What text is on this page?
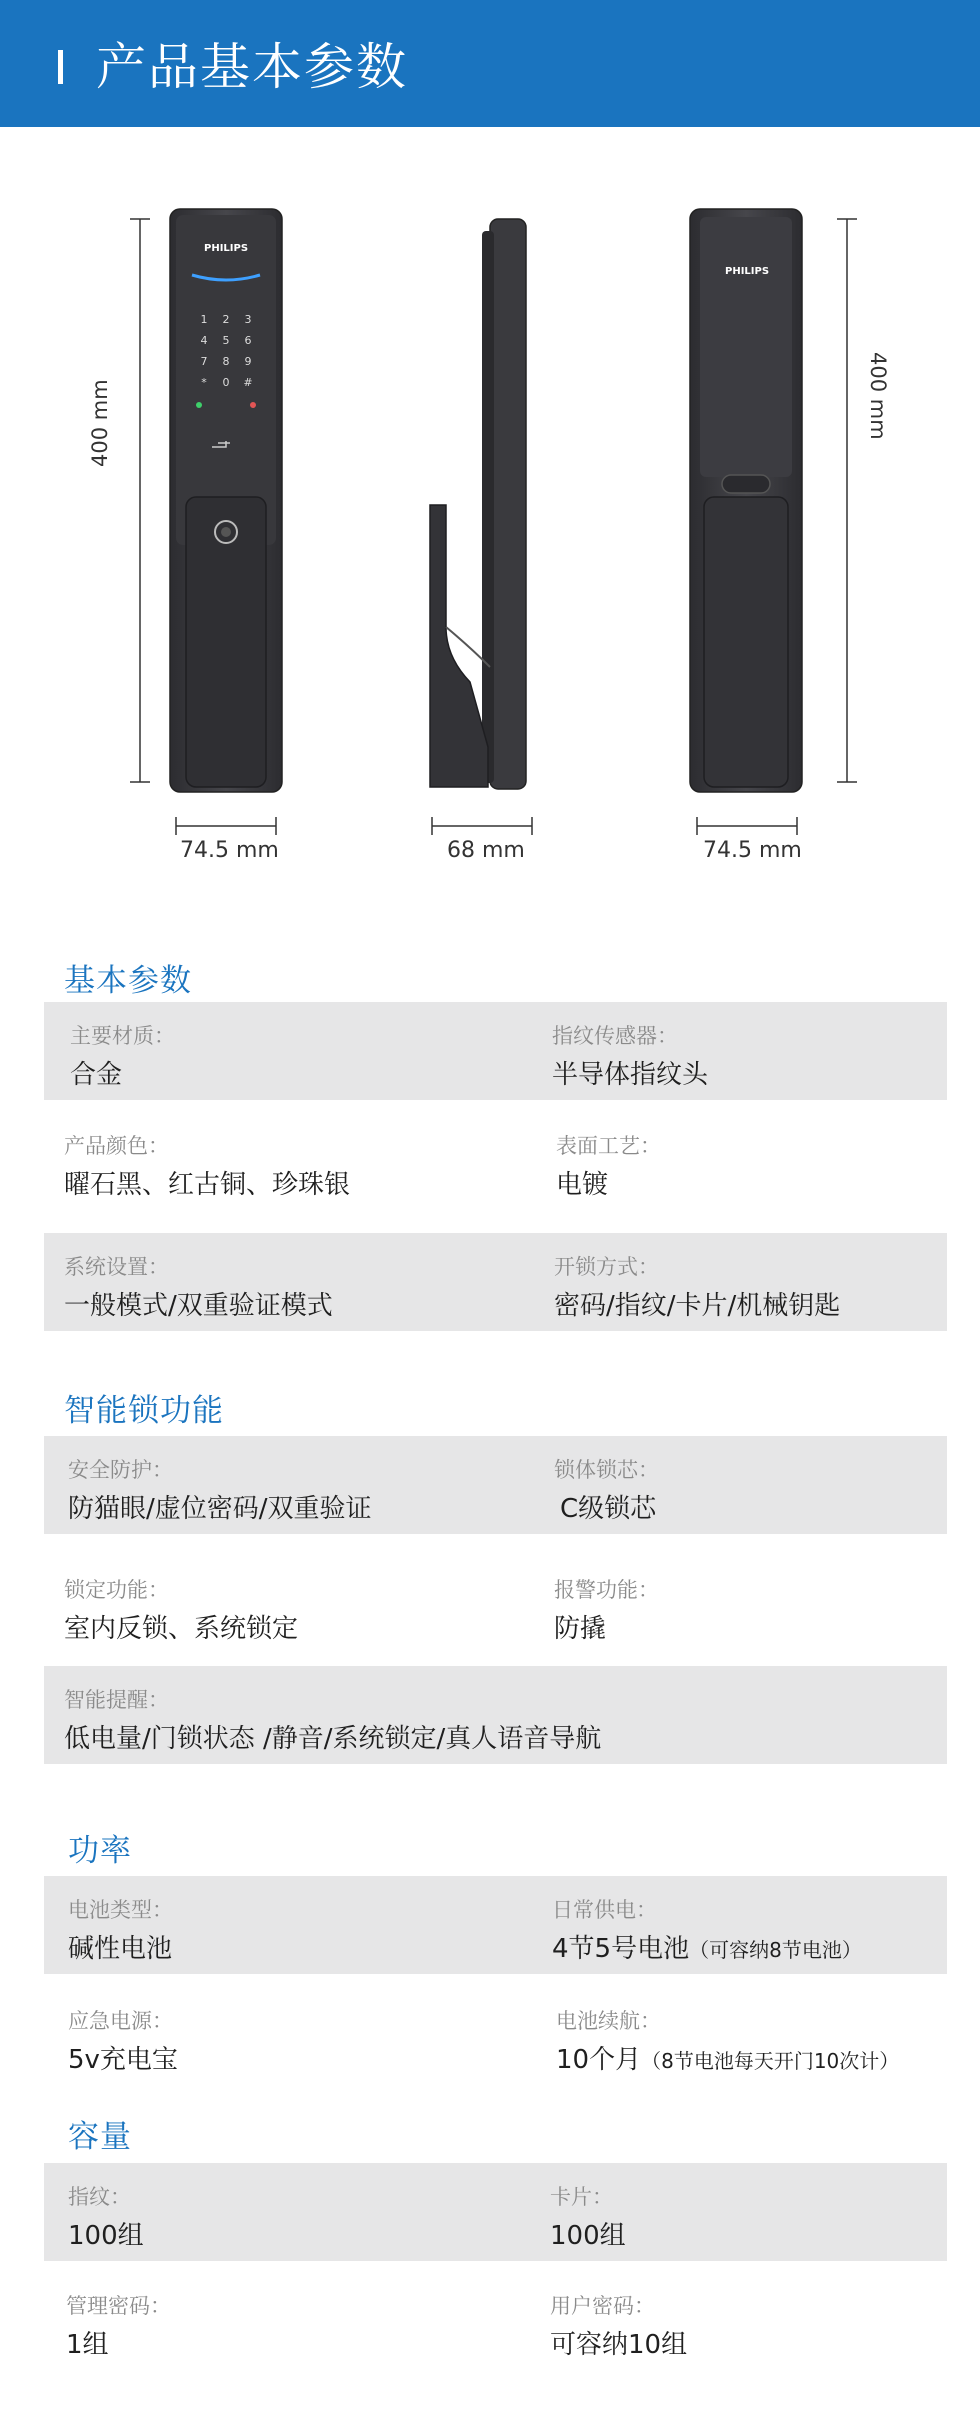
产品基本参数
PHILIPS
PHILIPS
1	2	3
4	5	6
7	8	9
*	0	#
400 mm	400 mm
74.5 mm	68 mm	74.5 mm
基本参数
主要材质：
合金
指纹传感器：
半导体指纹头
产品颜色：
曜石黑、红古铜、珍珠银
表面工艺：
电镀
系统设置：
一般模式/双重验证模式
开锁方式：
密码/指纹/卡片/机械钥匙
智能锁功能
安全防护：
防猫眼/虚位密码/双重验证
锁体锁芯：
C级锁芯
锁定功能：
室内反锁、系统锁定
报警功能：
防撬
智能提醒：
低电量/门锁状态 /静音/系统锁定/真人语音导航
功率
电池类型：
碱性电池
日常供电：
4节5号电池（可容纳8节电池）
应急电源：
5v充电宝
电池续航：
10个月（8节电池每天开门10次计）
容量
指纹：
100组
卡片：
100组
管理密码：
1组
用户密码：
可容纳10组
